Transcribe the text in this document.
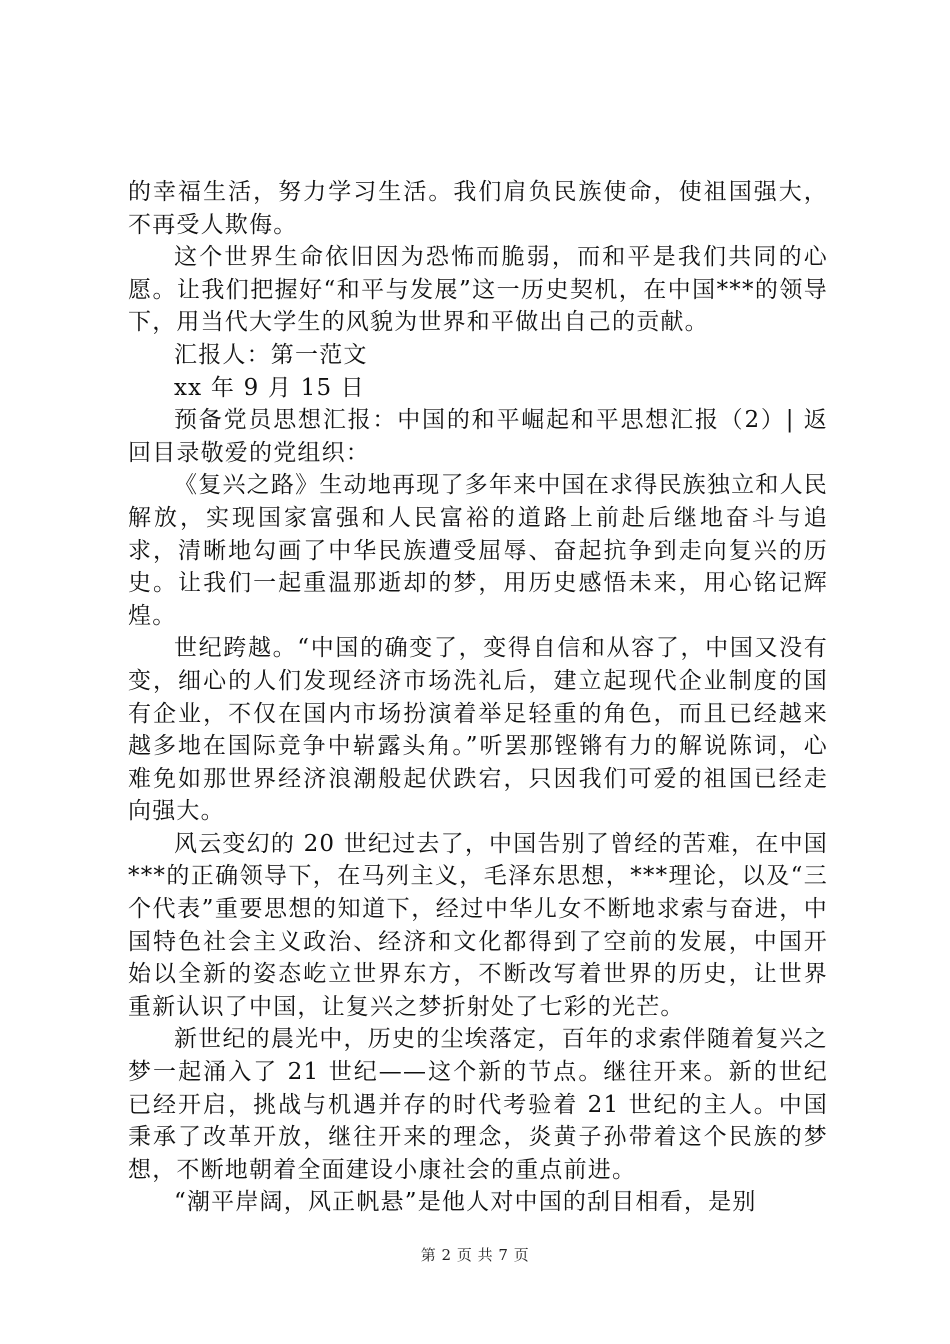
的幸福生活，努力学习生活。我们肩负民族使命，使祖国强大，不再受人欺侮。

这个世界生命依旧因为恐怖而脆弱，而和平是我们共同的心愿。让我们把握好“和平与发展”这一历史契机，在中国***的领导下，用当代大学生的风貌为世界和平做出自己的贡献。

汇报人：第一范文

xx 年 9 月 15 日

预备党员思想汇报：中国的和平崛起和平思想汇报（2）| 返回目录敬爱的党组织：

《复兴之路》生动地再现了多年来中国在求得民族独立和人民解放，实现国家富强和人民富裕的道路上前赴后继地奋斗与追求，清晰地勾画了中华民族遭受屈辱、奋起抗争到走向复兴的历史。让我们一起重温那逝却的梦，用历史感悟未来，用心铭记辉煌。

世纪跨越。“中国的确变了，变得自信和从容了，中国又没有变，细心的人们发现经济市场洗礼后，建立起现代企业制度的国有企业，不仅在国内市场扮演着举足轻重的角色，而且已经越来越多地在国际竞争中崭露头角。”听罢那铿锵有力的解说陈词，心难免如那世界经济浪潮般起伏跌宕，只因我们可爱的祖国已经走向强大。

风云变幻的 20 世纪过去了，中国告别了曾经的苦难，在中国***的正确领导下，在马列主义，毛泽东思想，***理论，以及“三个代表”重要思想的知道下，经过中华儿女不断地求索与奋进，中国特色社会主义政治、经济和文化都得到了空前的发展，中国开始以全新的姿态屹立世界东方，不断改写着世界的历史，让世界重新认识了中国，让复兴之梦折射处了七彩的光芒。

新世纪的晨光中，历史的尘埃落定，百年的求索伴随着复兴之梦一起涌入了 21 世纪——这个新的节点。继往开来。新的世纪已经开启，挑战与机遇并存的时代考验着 21 世纪的主人。中国秉承了改革开放，继往开来的理念，炎黄子孙带着这个民族的梦想，不断地朝着全面建设小康社会的重点前进。

“潮平岸阔，风正帆悬”是他人对中国的刮目相看，是别

第 2 页 共 7 页
